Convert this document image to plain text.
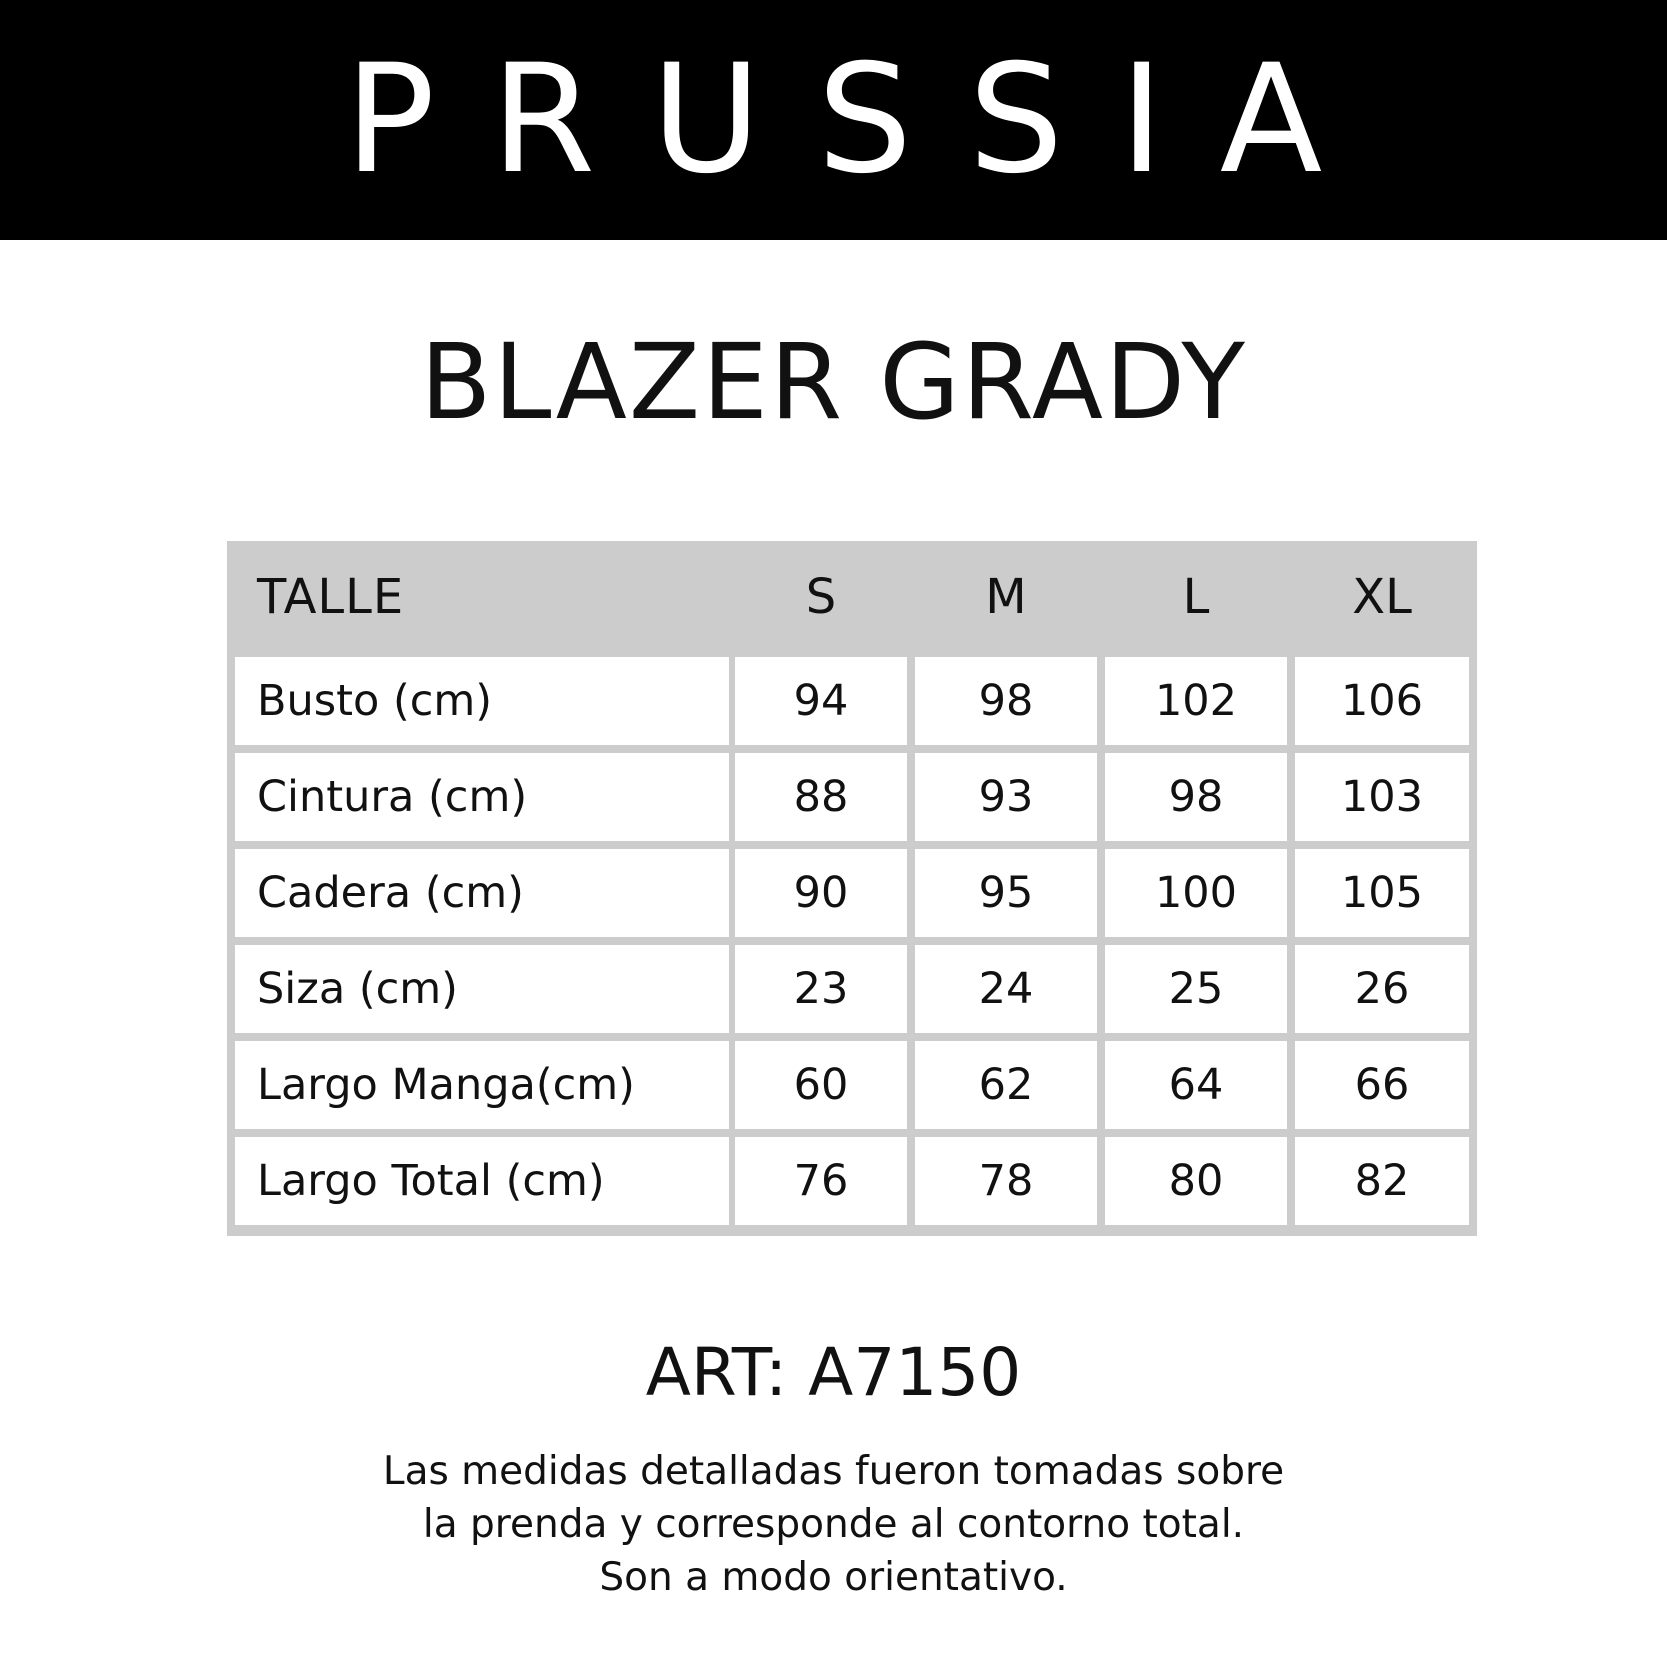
PRUSSIA
BLAZER GRADY
TALLE	S	M	L	XL
Busto (cm)	94	98	102	106
Cintura (cm)	88	93	98	103
Cadera (cm)	90	95	100	105
Siza (cm)	23	24	25	26
Largo Manga(cm)	60	62	64	66
Largo Total (cm)	76	78	80	82
ART: A7150
Las medidas detalladas fueron tomadas sobre
la prenda y corresponde al contorno total.
Son a modo orientativo.
